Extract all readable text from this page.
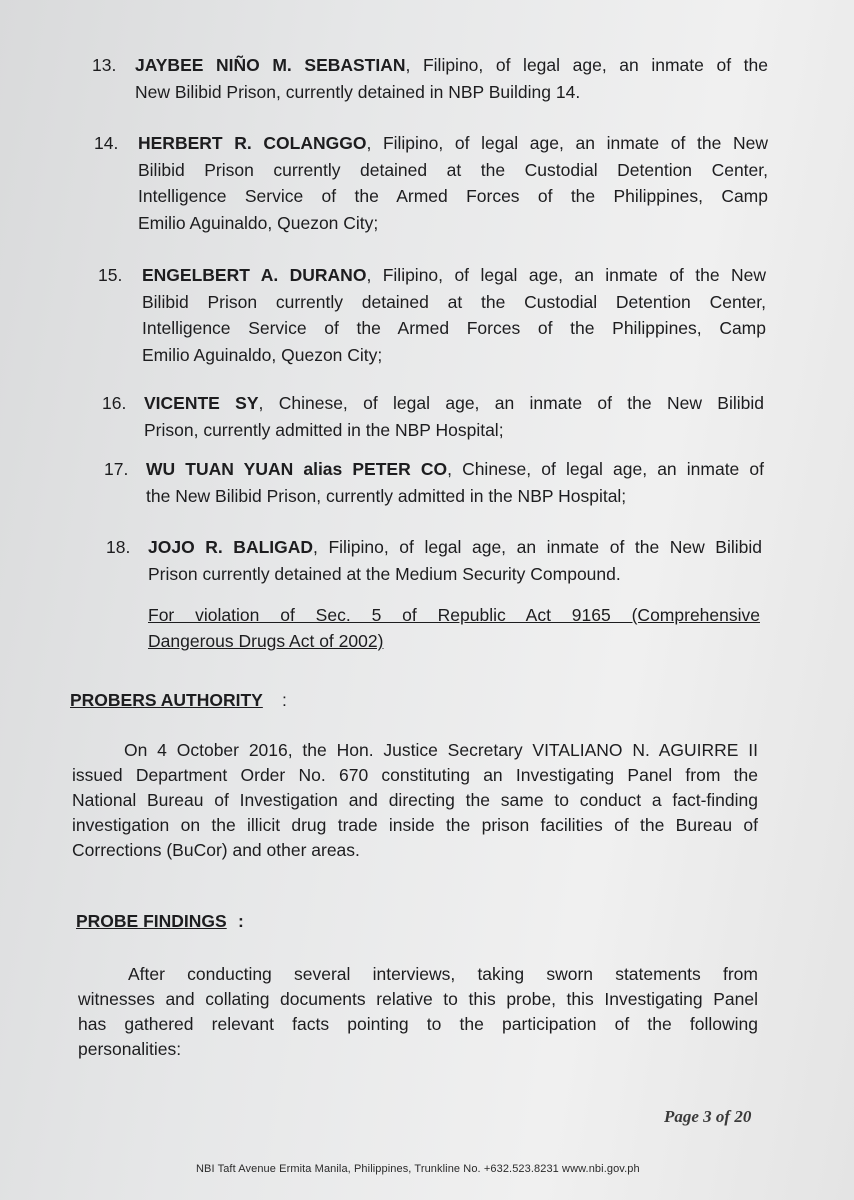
13. JAYBEE NIÑO M. SEBASTIAN, Filipino, of legal age, an inmate of the
New Bilibid Prison, currently detained in NBP Building 14.
14. HERBERT R. COLANGGO, Filipino, of legal age, an inmate of the New
Bilibid Prison currently detained at the Custodial Detention Center,
Intelligence Service of the Armed Forces of the Philippines, Camp
Emilio Aguinaldo, Quezon City;
15. ENGELBERT A. DURANO, Filipino, of legal age, an inmate of the New
Bilibid Prison currently detained at the Custodial Detention Center,
Intelligence Service of the Armed Forces of the Philippines, Camp
Emilio Aguinaldo, Quezon City;
16. VICENTE SY, Chinese, of legal age, an inmate of the New Bilibid
Prison, currently admitted in the NBP Hospital;
17. WU TUAN YUAN alias PETER CO, Chinese, of legal age, an inmate of
the New Bilibid Prison, currently admitted in the NBP Hospital;
18. JOJO R. BALIGAD, Filipino, of legal age, an inmate of the New Bilibid
Prison currently detained at the Medium Security Compound.
For violation of Sec. 5 of Republic Act 9165 (Comprehensive
Dangerous Drugs Act of 2002)
PROBERS AUTHORITY :
On 4 October 2016, the Hon. Justice Secretary VITALIANO N. AGUIRRE II
issued Department Order No. 670 constituting an Investigating Panel from the
National Bureau of Investigation and directing the same to conduct a fact-finding
investigation on the illicit drug trade inside the prison facilities of the Bureau of
Corrections (BuCor) and other areas.
PROBE FINDINGS :
After conducting several interviews, taking sworn statements from
witnesses and collating documents relative to this probe, this Investigating Panel
has gathered relevant facts pointing to the participation of the following
personalities:
Page 3 of 20
NBI Taft Avenue Ermita Manila, Philippines, Trunkline No. +632.523.8231 www.nbi.gov.ph
